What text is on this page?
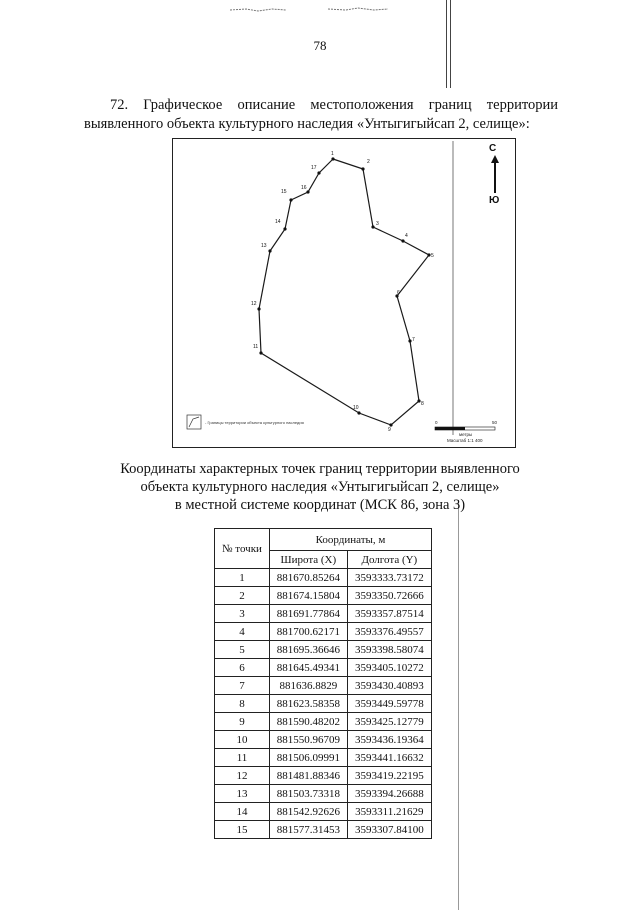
78
72. Графическое описание местоположения границ территории
выявленного объекта культурного наследия «Унтыгигыйсап 2, селище»:
С
Ю
1
2
3
4
5
6
7
8
9
10
11
12
13
14
15
16
17
- Границы территории объекта культурного наследия	0	50
метры
Масштаб 1:1 400
Координаты характерных точек границ территории выявленного
объекта культурного наследия «Унтыгигыйсап 2, селище»
в местной системе координат (МСК 86, зона 3)
№ точки	Координаты, м	
	Широта (X)	Долгота (Y)
1	881670.85264	3593333.73172
2	881674.15804	3593350.72666
3	881691.77864	3593357.87514
4	881700.62171	3593376.49557
5	881695.36646	3593398.58074
6	881645.49341	3593405.10272
7	881636.8829	3593430.40893
8	881623.58358	3593449.59778
9	881590.48202	3593425.12779
10	881550.96709	3593436.19364
11	881506.09991	3593441.16632
12	881481.88346	3593419.22195
13	881503.73318	3593394.26688
14	881542.92626	3593311.21629
15	881577.31453	3593307.84100
